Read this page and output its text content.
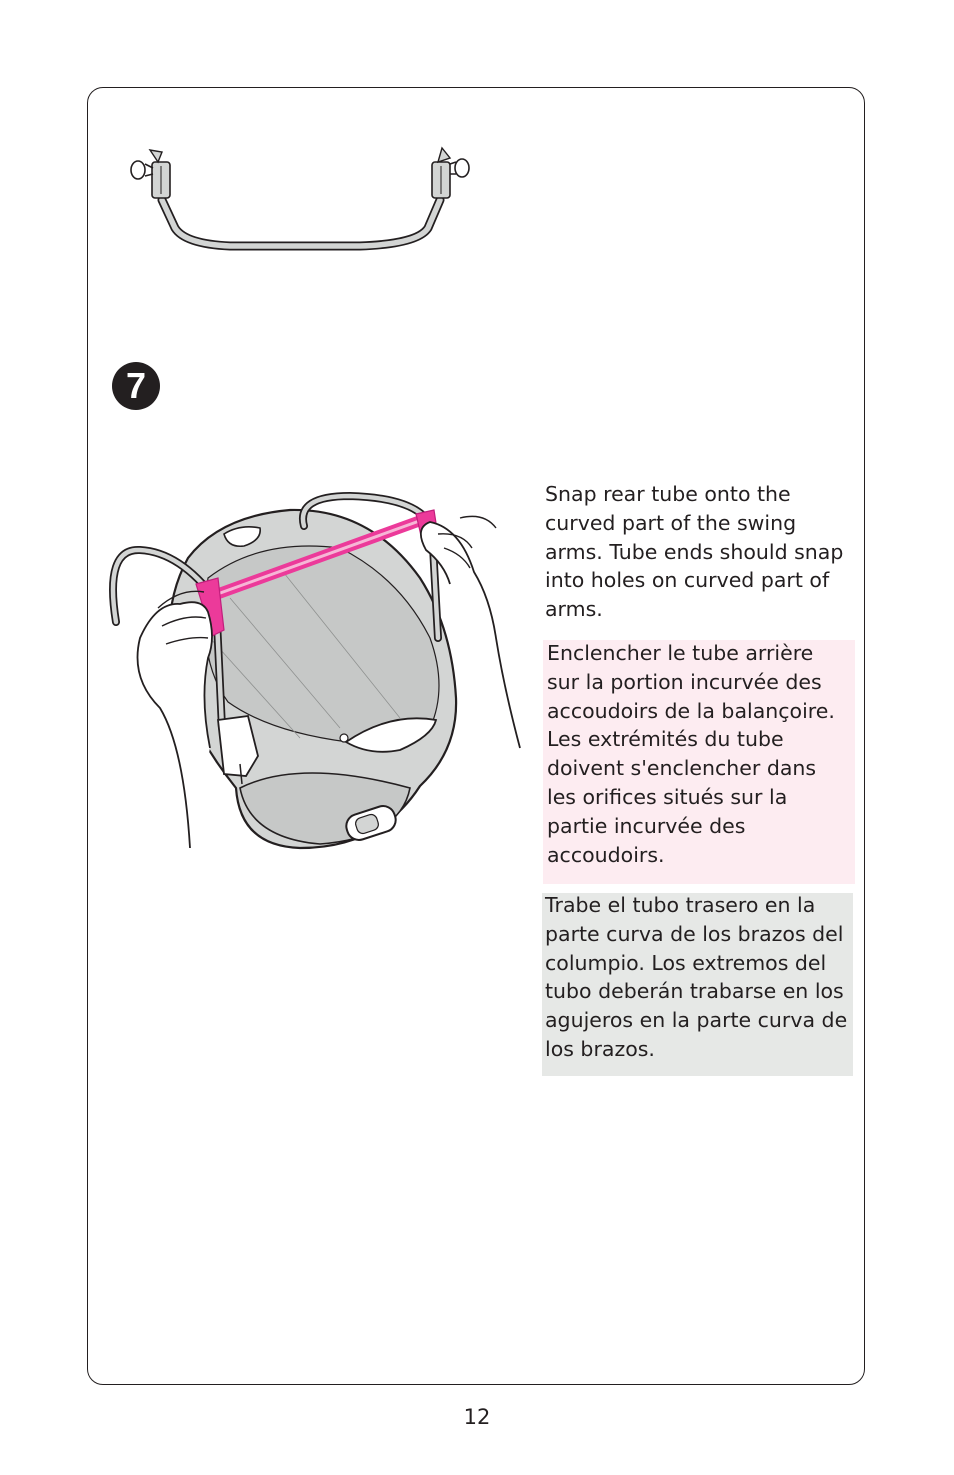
7

Snap rear tube onto the curved part of the swing arms. Tube ends should snap into holes on curved part of arms.

Enclencher le tube arrière sur la portion incurvée des accoudoirs de la balançoire. Les extrémités du tube doivent s'enclencher dans les orifices situés sur la partie incurvée des accoudoirs.

Trabe el tubo trasero en la parte curva de los brazos del columpio. Los extremos del tubo deberán trabarse en los agujeros en la parte curva de los brazos.

12
